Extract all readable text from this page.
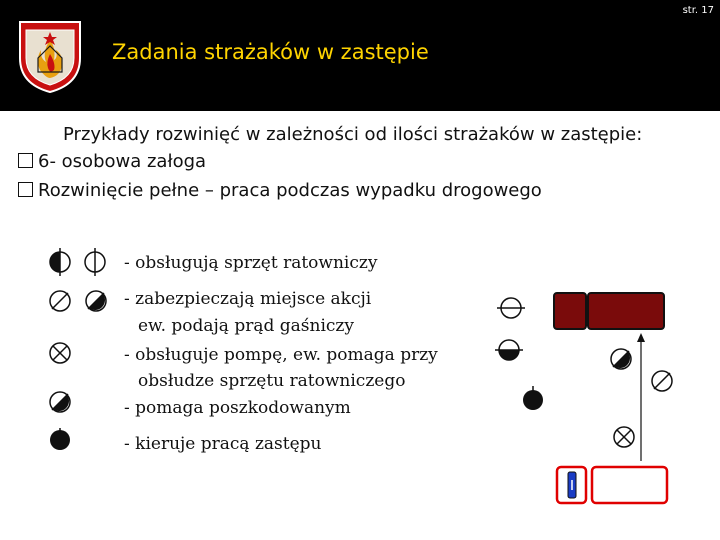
str. 17
Zadania strażaków w zastępie
Przykłady rozwinięć w zależności od ilości strażaków w zastępie:
6- osobowa załoga
Rozwinięcie pełne – praca podczas wypadku drogowego
- obsługują sprzęt ratowniczy
- zabezpieczają miejsce akcji
ew. podają prąd gaśniczy
- obsługuje pompę, ew. pomaga przy
obsłudze sprzętu ratowniczego
- pomaga poszkodowanym
- kieruje pracą zastępu
